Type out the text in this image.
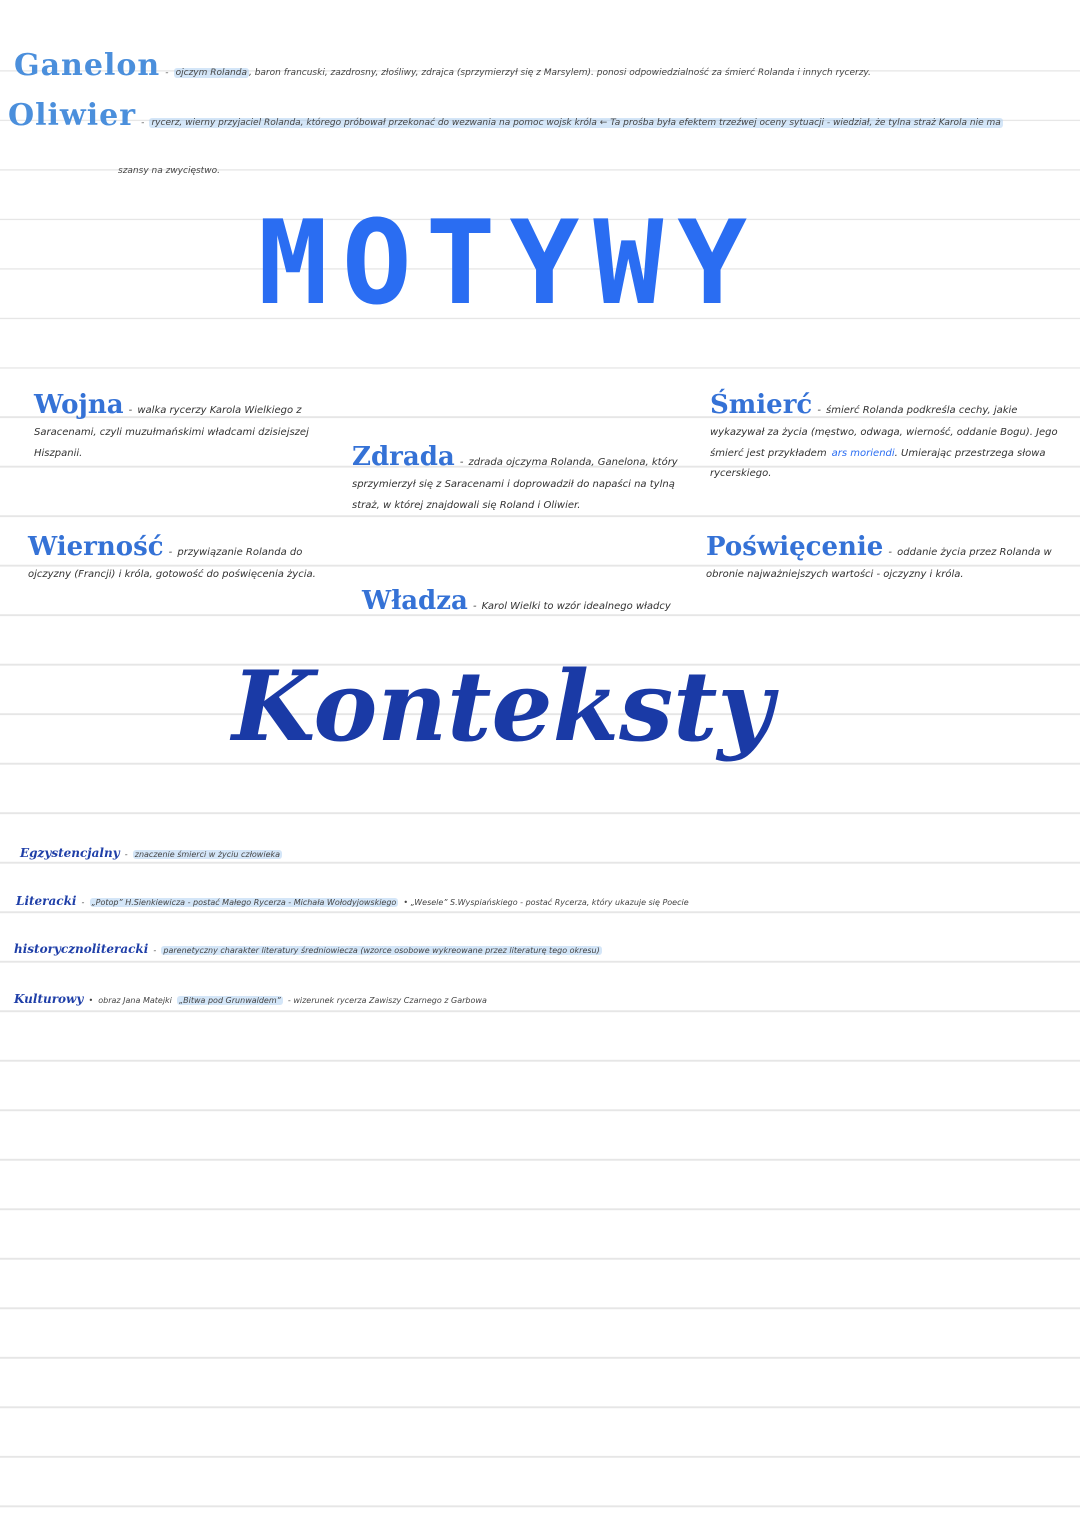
Ganelon - ojczym Rolanda , baron francuski, zazdrosny, złośliwy, zdrajca (sprzymierzył się z Marsylem). ponosi odpowiedzialność za śmierć Rolanda i innych rycerzy.
Oliwier - rycerz, wierny przyjaciel Rolanda, którego próbował przekonać do wezwania na pomoc wojsk króla ← Ta prośba była efektem trzeźwej oceny sytuacji - wiedział, że tylna straż Karola nie ma
szansy na zwycięstwo.
MOTYWY
Wojna - walka rycerzy Karola Wielkiego z Saracenami, czyli muzułmańskimi władcami dzisiejszej Hiszpanii.	Zdrada - zdrada ojczyma Rolanda, Ganelona, który sprzymierzył się z Saracenami i doprowadził do napaści na tylną straż, w której znajdowali się Roland i Oliwier.
Śmierć - śmierć Rolanda podkreśla cechy, jakie wykazywał za życia (męstwo, odwaga, wierność, oddanie Bogu). Jego śmierć jest przykładem ars moriendi. Umierając przestrzega słowa rycerskiego.
Wierność - przywiązanie Rolanda do ojczyzny (Francji) i króla, gotowość do poświęcenia życia.
Poświęcenie - oddanie życia przez Rolanda w obronie najważniejszych wartości - ojczyzny i króla.
Władza - Karol Wielki to wzór idealnego władcy
Konteksty
Egzystencjalny - znaczenie śmierci w życiu człowieka
Literacki - „Potop” H.Sienkiewicza - postać Małego Rycerza - Michała Wołodyjowskiego • „Wesele” S.Wyspiańskiego - postać Rycerza, który ukazuje się Poecie
historycznoliteracki - parenetyczny charakter literatury średniowiecza (wzorce osobowe wykreowane przez literaturę tego okresu)
Kulturowy • obraz Jana Matejki „Bitwa pod Grunwaldem” - wizerunek rycerza Zawiszy Czarnego z Garbowa
